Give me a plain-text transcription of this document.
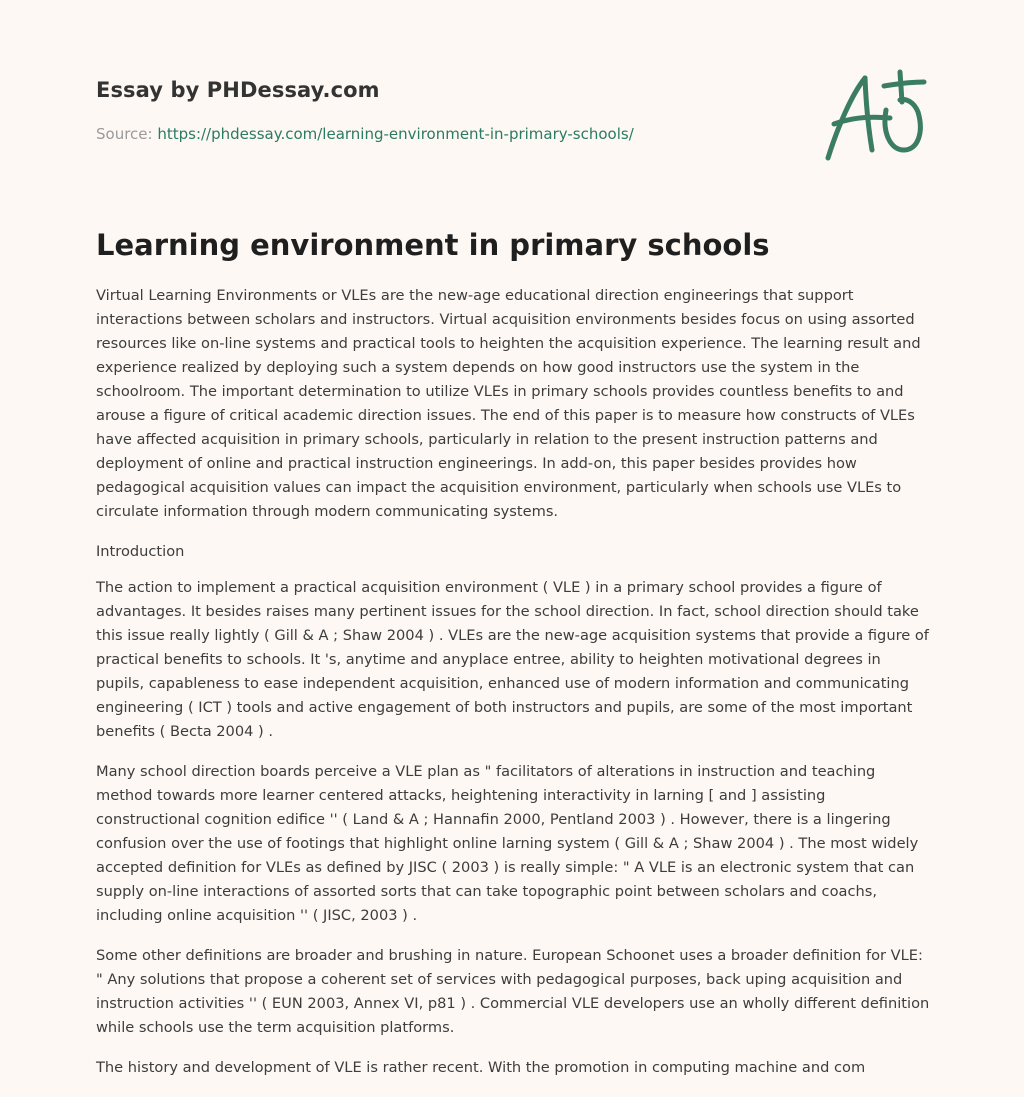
Essay by PHDessay.com
Source: https://phdessay.com/learning-environment-in-primary-schools/
Learning environment in primary schools

Virtual Learning Environments or VLEs are the new-age educational direction engineerings that support interactions between scholars and instructors. Virtual acquisition environments besides focus on using assorted resources like on-line systems and practical tools to heighten the acquisition experience. The learning result and experience realized by deploying such a system depends on how good instructors use the system in the schoolroom. The important determination to utilize VLEs in primary schools provides countless benefits to and arouse a figure of critical academic direction issues. The end of this paper is to measure how constructs of VLEs have affected acquisition in primary schools, particularly in relation to the present instruction patterns and deployment of online and practical instruction engineerings. In add-on, this paper besides provides how pedagogical acquisition values can impact the acquisition environment, particularly when schools use VLEs to circulate information through modern communicating systems.

Introduction

The action to implement a practical acquisition environment ( VLE ) in a primary school provides a figure of advantages. It besides raises many pertinent issues for the school direction. In fact, school direction should take this issue really lightly ( Gill & A ; Shaw 2004 ) . VLEs are the new-age acquisition systems that provide a figure of practical benefits to schools. It 's, anytime and anyplace entree, ability to heighten motivational degrees in pupils, capableness to ease independent acquisition, enhanced use of modern information and communicating engineering ( ICT ) tools and active engagement of both instructors and pupils, are some of the most important benefits ( Becta 2004 ) .

Many school direction boards perceive a VLE plan as " facilitators of alterations in instruction and teaching method towards more learner centered attacks, heightening interactivity in larning [ and ] assisting constructional cognition edifice '' ( Land & A ; Hannafin 2000, Pentland 2003 ) . However, there is a lingering confusion over the use of footings that highlight online larning system ( Gill & A ; Shaw 2004 ) . The most widely accepted definition for VLEs as defined by JISC ( 2003 ) is really simple: " A VLE is an electronic system that can supply on-line interactions of assorted sorts that can take topographic point between scholars and coachs, including online acquisition '' ( JISC, 2003 ) .

Some other definitions are broader and brushing in nature. European Schoonet uses a broader definition for VLE: " Any solutions that propose a coherent set of services with pedagogical purposes, back uping acquisition and instruction activities '' ( EUN 2003, Annex VI, p81 ) . Commercial VLE developers use an wholly different definition while schools use the term acquisition platforms.

The history and development of VLE is rather recent. With the promotion in computing machine and com
